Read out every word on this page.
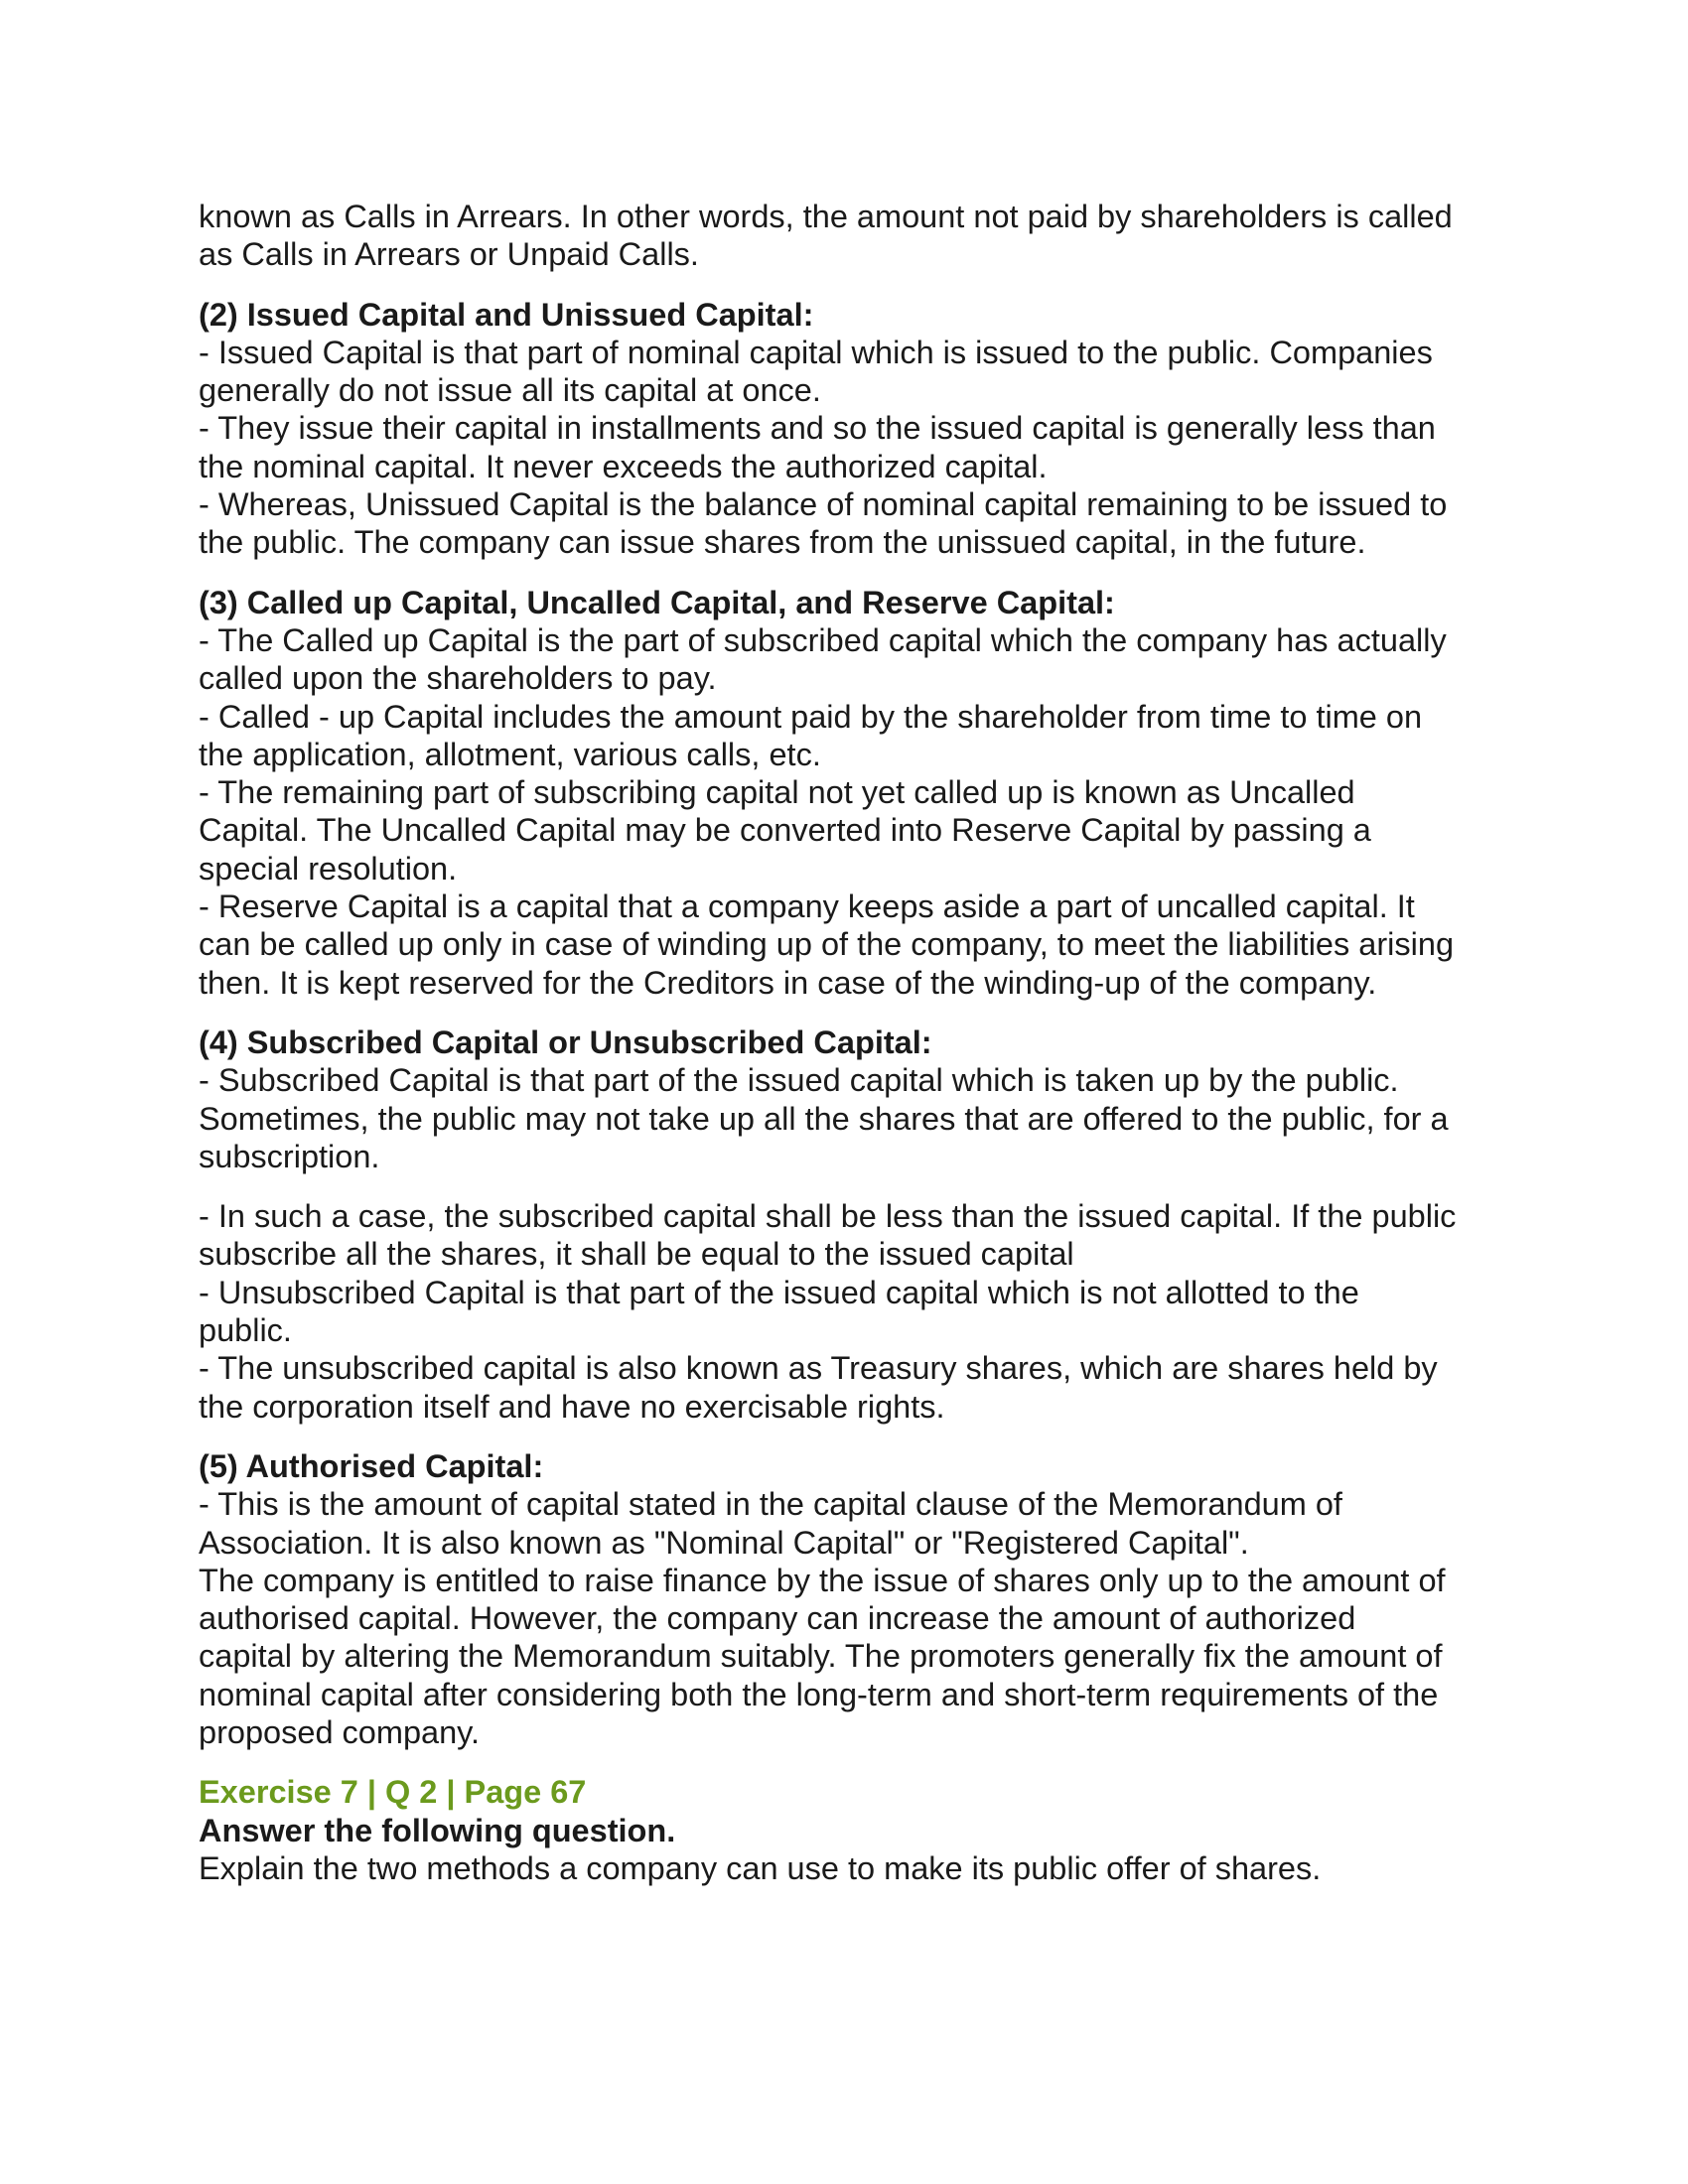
known as Calls in Arrears. In other words, the amount not paid by shareholders is called
as Calls in Arrears or Unpaid Calls.
(2) Issued Capital and Unissued Capital:
- Issued Capital is that part of nominal capital which is issued to the public. Companies
generally do not issue all its capital at once.
- They issue their capital in installments and so the issued capital is generally less than
the nominal capital. It never exceeds the authorized capital.
- Whereas, Unissued Capital is the balance of nominal capital remaining to be issued to
the public. The company can issue shares from the unissued capital, in the future.
(3) Called up Capital, Uncalled Capital, and Reserve Capital:
- The Called up Capital is the part of subscribed capital which the company has actually
called upon the shareholders to pay.
- Called - up Capital includes the amount paid by the shareholder from time to time on
the application, allotment, various calls, etc.
- The remaining part of subscribing capital not yet called up is known as Uncalled
Capital. The Uncalled Capital may be converted into Reserve Capital by passing a
special resolution.
- Reserve Capital is a capital that a company keeps aside a part of uncalled capital. It
can be called up only in case of winding up of the company, to meet the liabilities arising
then. It is kept reserved for the Creditors in case of the winding-up of the company.
(4) Subscribed Capital or Unsubscribed Capital:
- Subscribed Capital is that part of the issued capital which is taken up by the public.
Sometimes, the public may not take up all the shares that are offered to the public, for a
subscription.
- In such a case, the subscribed capital shall be less than the issued capital. If the public
subscribe all the shares, it shall be equal to the issued capital
- Unsubscribed Capital is that part of the issued capital which is not allotted to the
public.
- The unsubscribed capital is also known as Treasury shares, which are shares held by
the corporation itself and have no exercisable rights.
(5) Authorised Capital:
- This is the amount of capital stated in the capital clause of the Memorandum of
Association. It is also known as "Nominal Capital" or "Registered Capital".
The company is entitled to raise finance by the issue of shares only up to the amount of
authorised capital. However, the company can increase the amount of authorized
capital by altering the Memorandum suitably. The promoters generally fix the amount of
nominal capital after considering both the long-term and short-term requirements of the
proposed company.
Exercise 7 | Q 2 | Page 67
Answer the following question.
Explain the two methods a company can use to make its public offer of shares.
